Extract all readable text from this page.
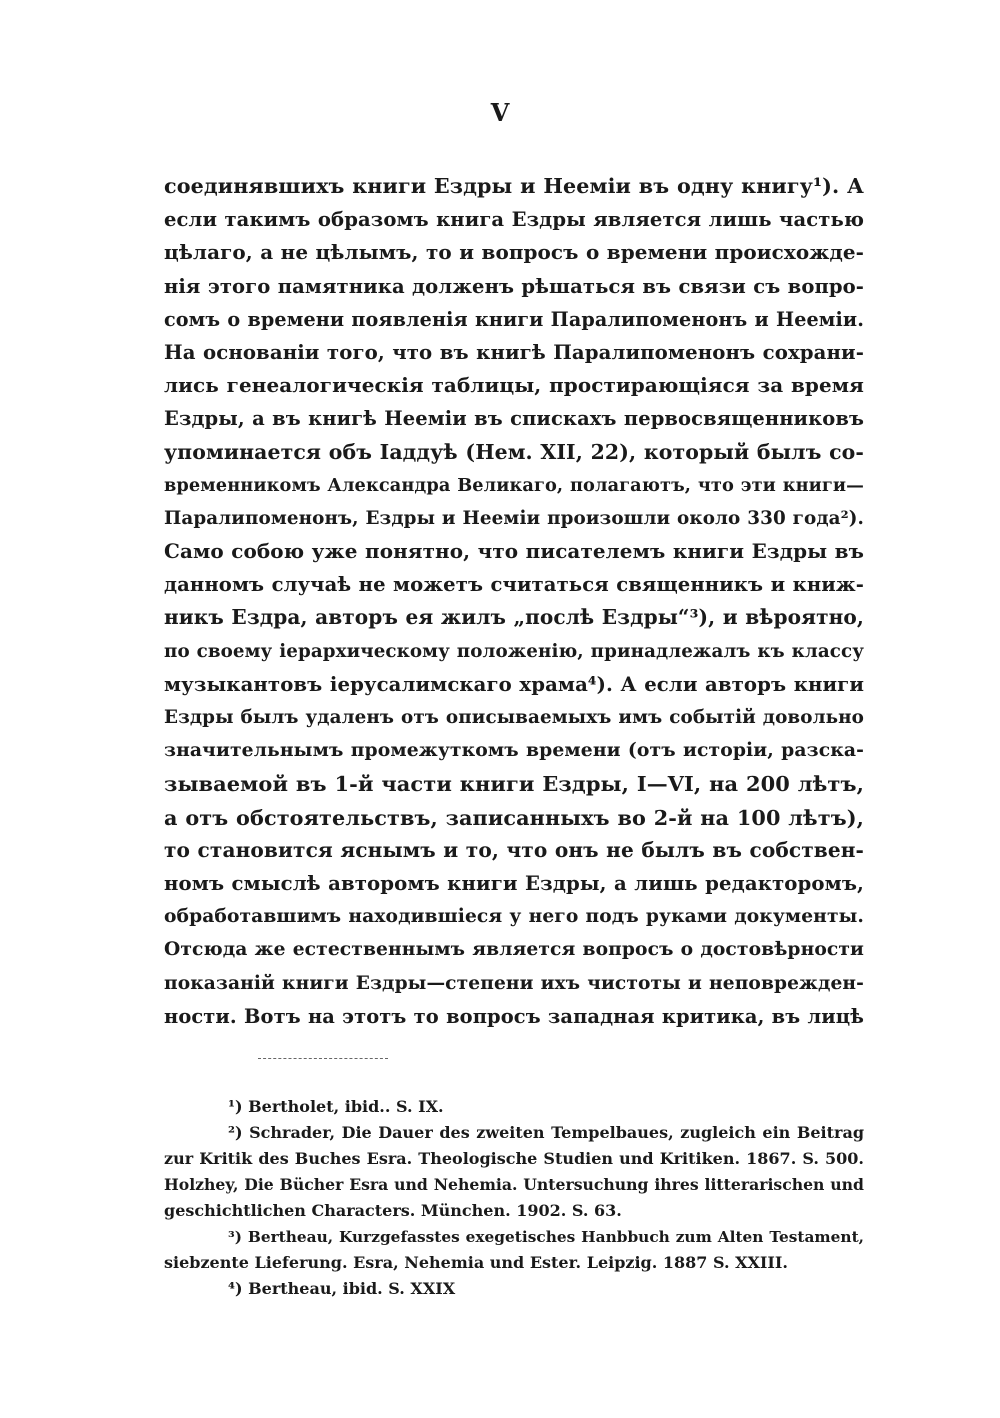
V
соединявшихъ книги Ездры и Неемiи въ одну книгу¹). А
если такимъ образомъ книга Ездры является лишь частью
цѣлаго, а не цѣлымъ, то и вопросъ о времени происхожде-
нiя этого памятника долженъ рѣшаться въ связи съ вопро-
сомъ о времени появленiя книги Паралипоменонъ и Неемiи.
На основанiи того, что въ книгѣ Паралипоменонъ сохрани-
лись генеалогическiя таблицы, простирающiяся за время
Ездры, а въ книгѣ Неемiи въ спискахъ первосвященниковъ
упоминается объ Iаддуѣ (Нем. XII, 22), который былъ со-
временникомъ Александра Великаго, полагаютъ, что эти книги—
Паралипоменонъ, Ездры и Неемiи произошли около 330 года²).
Само собою уже понятно, что писателемъ книги Ездры въ
данномъ случаѣ не можетъ считаться священникъ и книж-
никъ Ездра, авторъ ея жилъ „послѣ Ездры“³), и вѣроятно,
по своему iерархическому положенiю, принадлежалъ къ классу
музыкантовъ iерусалимскаго храма⁴). А если авторъ книги
Ездры былъ удаленъ отъ описываемыхъ имъ событiй довольно
значительнымъ промежуткомъ времени (отъ исторiи, разска-
зываемой въ 1-й части книги Ездры, I—VI, на 200 лѣтъ,
а отъ обстоятельствъ, записанныхъ во 2-й на 100 лѣтъ),
то становится яснымъ и то, что онъ не былъ въ собствен-
номъ смыслѣ авторомъ книги Ездры, а лишь редакторомъ,
обработавшимъ находившiеся у него подъ руками документы.
Отсюда же естественнымъ является вопросъ о достовѣрности
показанiй книги Ездры—степени ихъ чистоты и неповрежден-
ности. Вотъ на этотъ то вопросъ западная критика, въ лицѣ
¹) Bertholet, ibid.. S. IX.
²) Schrader, Die Dauer des zweiten Tempelbaues, zugleich ein Beitrag
zur Kritik des Buches Esra. Theologische Studien und Kritiken. 1867. S. 500.
Holzhey, Die Bücher Esra und Nehemia. Untersuchung ihres litterarischen und
geschichtlichen Characters. München. 1902. S. 63.
³) Bertheau, Kurzgefasstes exegetisches Hanbbuch zum Alten Testament,
siebzente Lieferung. Esra, Nehemia und Ester. Leipzig. 1887 S. XXIII.
⁴) Bertheau, ibid. S. XXIX
